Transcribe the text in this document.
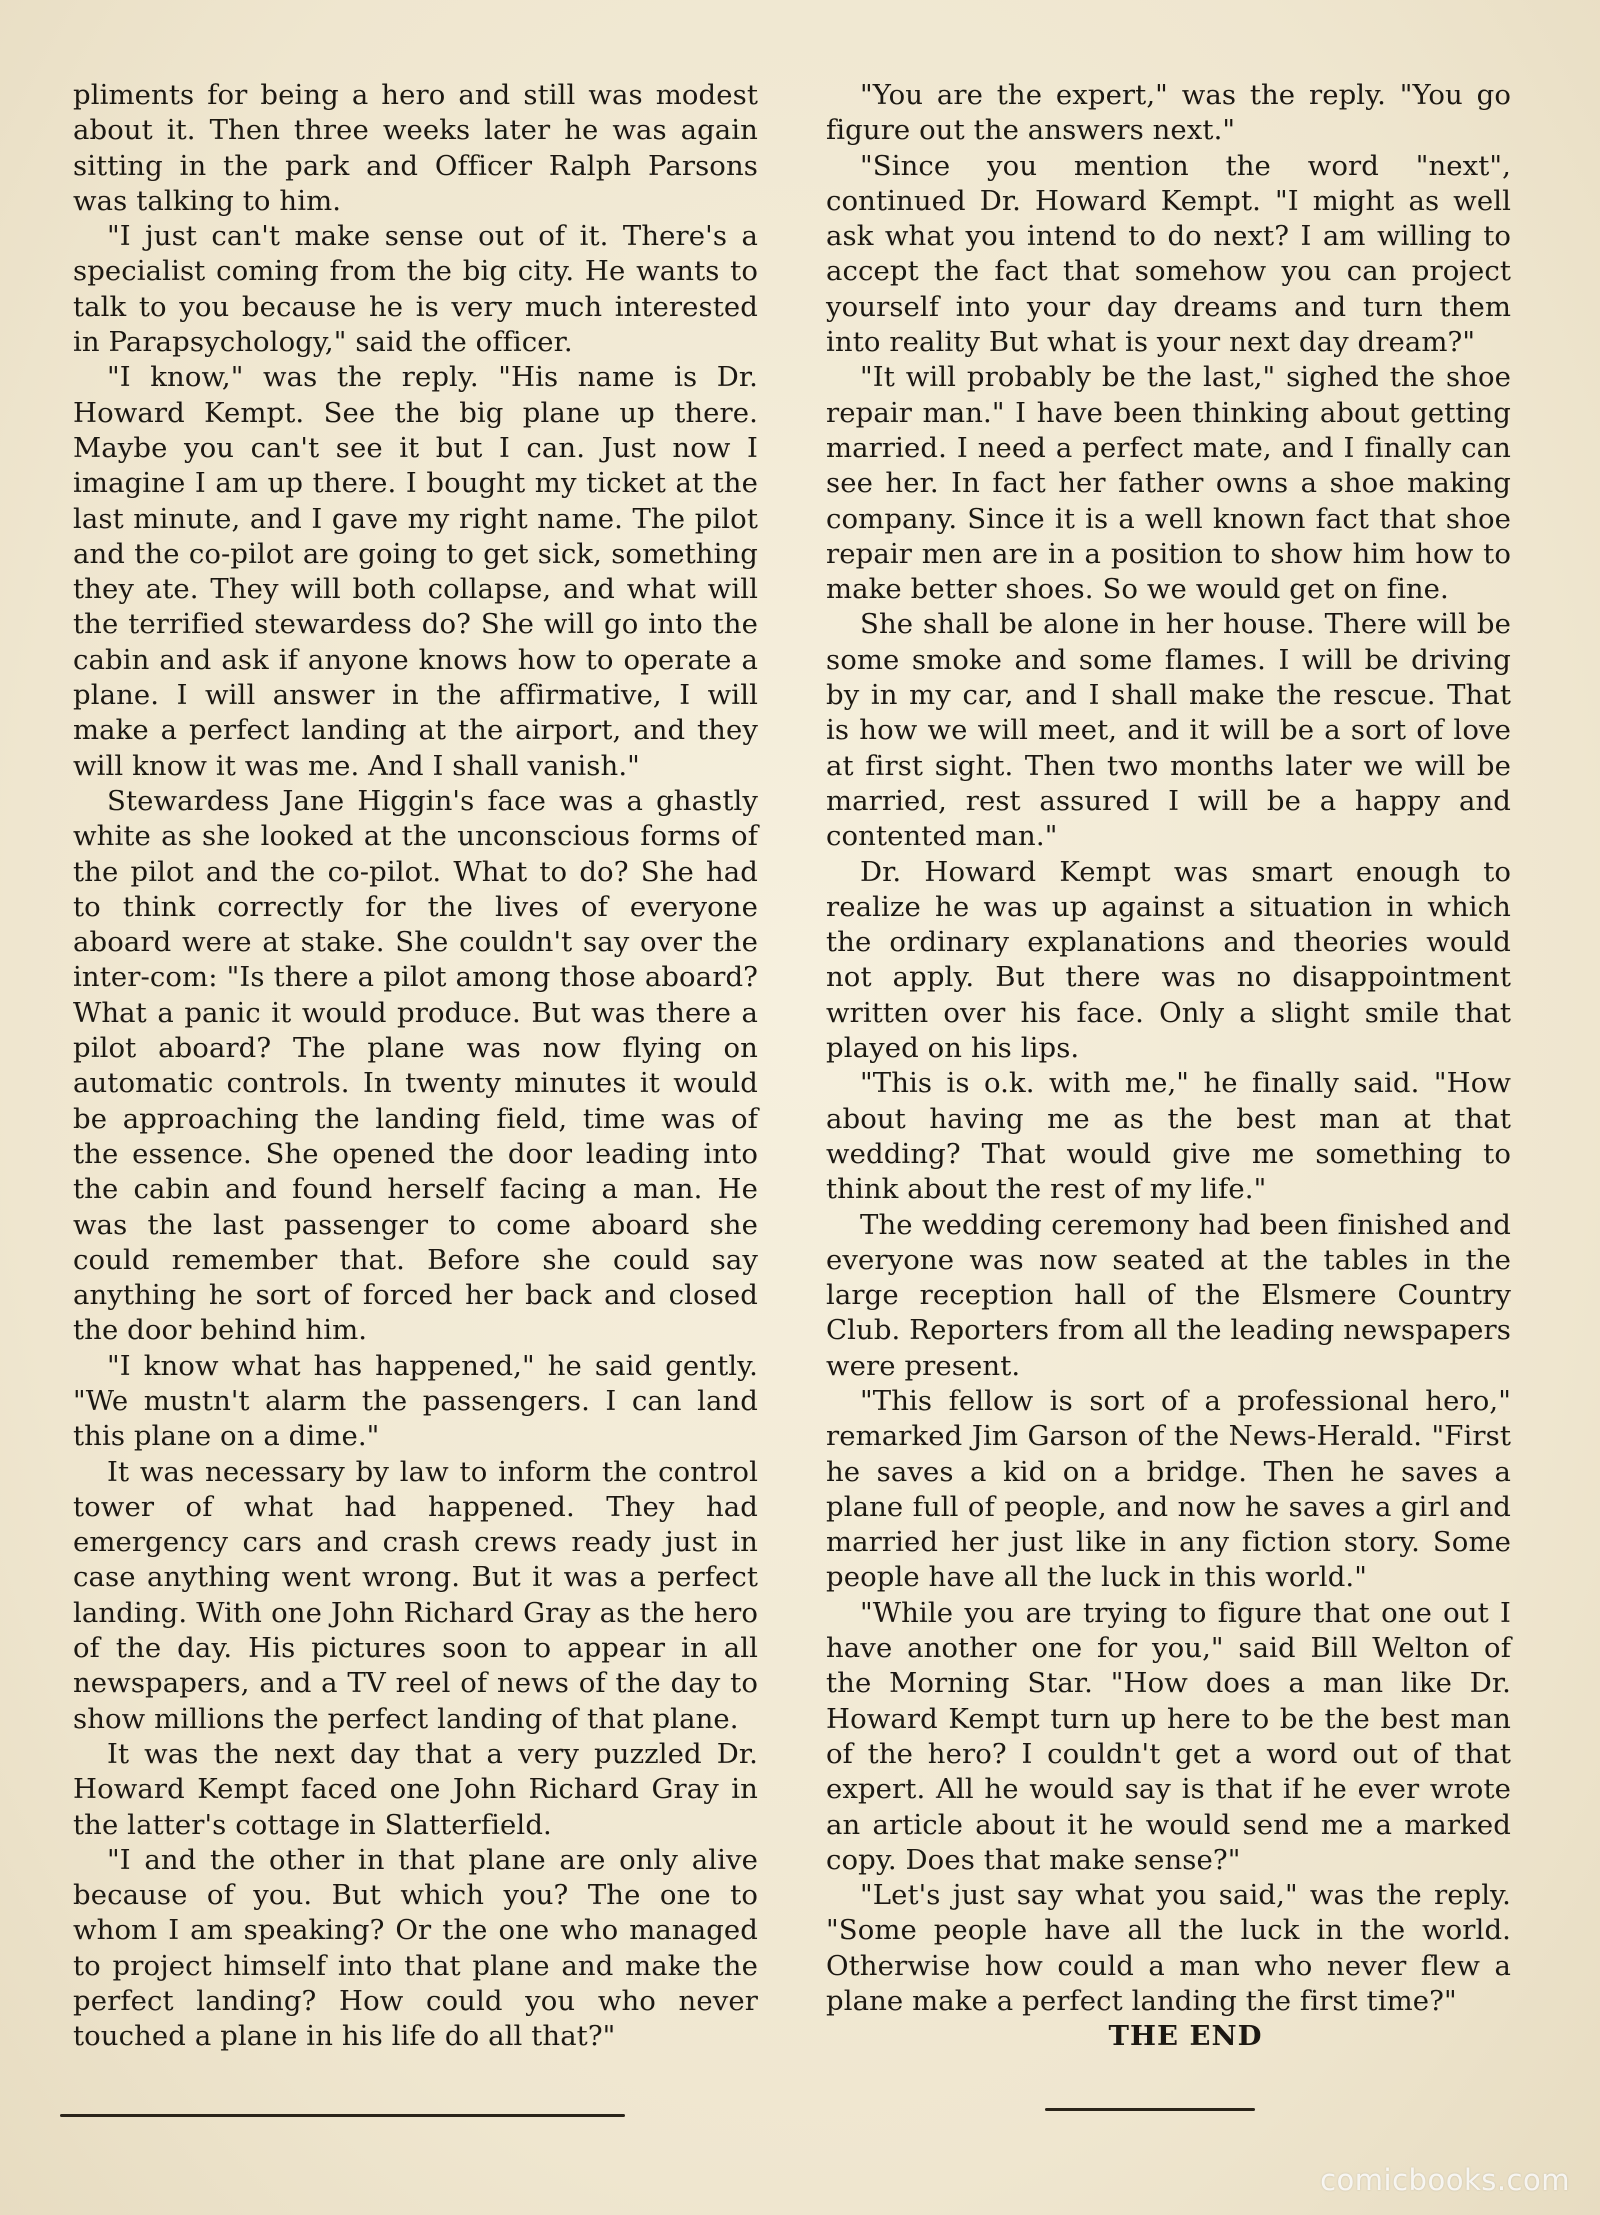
pliments for being a hero and still was modest about it. Then three weeks later he was again sitting in the park and Officer Ralph Parsons was talking to him.

"I just can't make sense out of it. There's a specialist coming from the big city. He wants to talk to you because he is very much interested in Parapsychology," said the officer.

"I know," was the reply. "His name is Dr. Howard Kempt. See the big plane up there. Maybe you can't see it but I can. Just now I imagine I am up there. I bought my ticket at the last minute, and I gave my right name. The pilot and the co-pilot are going to get sick, something they ate. They will both collapse, and what will the terrified stewardess do? She will go into the cabin and ask if anyone knows how to operate a plane. I will answer in the affirmative, I will make a perfect landing at the airport, and they will know it was me. And I shall vanish."

Stewardess Jane Higgin's face was a ghastly white as she looked at the unconscious forms of the pilot and the co-pilot. What to do? She had to think correctly for the lives of everyone aboard were at stake. She couldn't say over the inter-com: "Is there a pilot among those aboard? What a panic it would produce. But was there a pilot aboard? The plane was now flying on automatic controls. In twenty minutes it would be approaching the landing field, time was of the essence. She opened the door leading into the cabin and found herself facing a man. He was the last passenger to come aboard she could remember that. Before she could say anything he sort of forced her back and closed the door behind him.

"I know what has happened," he said gently. "We mustn't alarm the passengers. I can land this plane on a dime."

It was necessary by law to inform the control tower of what had happened. They had emergency cars and crash crews ready just in case anything went wrong. But it was a perfect landing. With one John Richard Gray as the hero of the day. His pictures soon to appear in all newspapers, and a TV reel of news of the day to show millions the perfect landing of that plane.

It was the next day that a very puzzled Dr. Howard Kempt faced one John Richard Gray in the latter's cottage in Slatterfield.

"I and the other in that plane are only alive because of you. But which you? The one to whom I am speaking? Or the one who managed to project himself into that plane and make the perfect landing? How could you who never touched a plane in his life do all that?"

"You are the expert," was the reply. "You go figure out the answers next."

"Since you mention the word "next", continued Dr. Howard Kempt. "I might as well ask what you intend to do next? I am willing to accept the fact that somehow you can project yourself into your day dreams and turn them into reality But what is your next day dream?"

"It will probably be the last," sighed the shoe repair man." I have been thinking about getting married. I need a perfect mate, and I finally can see her. In fact her father owns a shoe making company. Since it is a well known fact that shoe repair men are in a position to show him how to make better shoes. So we would get on fine.

She shall be alone in her house. There will be some smoke and some flames. I will be driving by in my car, and I shall make the rescue. That is how we will meet, and it will be a sort of love at first sight. Then two months later we will be married, rest assured I will be a happy and contented man."

Dr. Howard Kempt was smart enough to realize he was up against a situation in which the ordinary explanations and theories would not apply. But there was no disappointment written over his face. Only a slight smile that played on his lips.

"This is o.k. with me," he finally said. "How about having me as the best man at that wedding? That would give me something to think about the rest of my life."

The wedding ceremony had been finished and everyone was now seated at the tables in the large reception hall of the Elsmere Country Club. Reporters from all the leading newspapers were present.

"This fellow is sort of a professional hero," remarked Jim Garson of the News-Herald. "First he saves a kid on a bridge. Then he saves a plane full of people, and now he saves a girl and married her just like in any fiction story. Some people have all the luck in this world."

"While you are trying to figure that one out I have another one for you," said Bill Welton of the Morning Star. "How does a man like Dr. Howard Kempt turn up here to be the best man of the hero? I couldn't get a word out of that expert. All he would say is that if he ever wrote an article about it he would send me a marked copy. Does that make sense?"

"Let's just say what you said," was the reply. "Some people have all the luck in the world. Otherwise how could a man who never flew a plane make a perfect landing the first time?"

THE END

comicbooks.com
